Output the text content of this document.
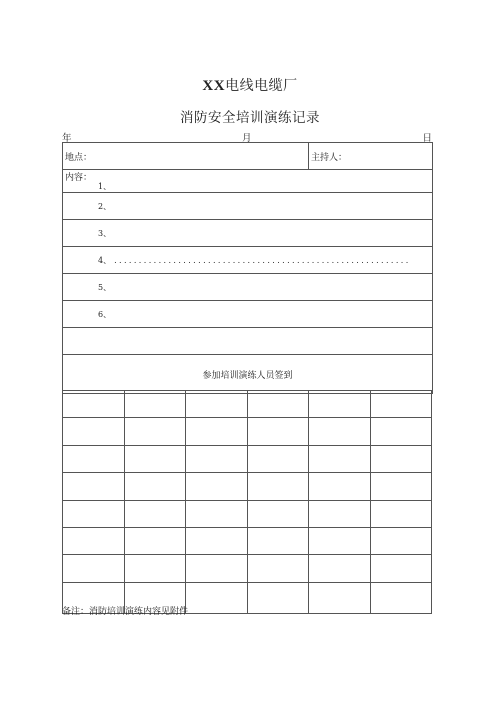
XX电线电缆厂
消防安全培训演练记录
年	月	日
地点：	主持人：

内容：
1、

2、
3、
4、 ............................................................
5、
6、

参加培训演练人员签到

备注：消防培训演练内容见附件
